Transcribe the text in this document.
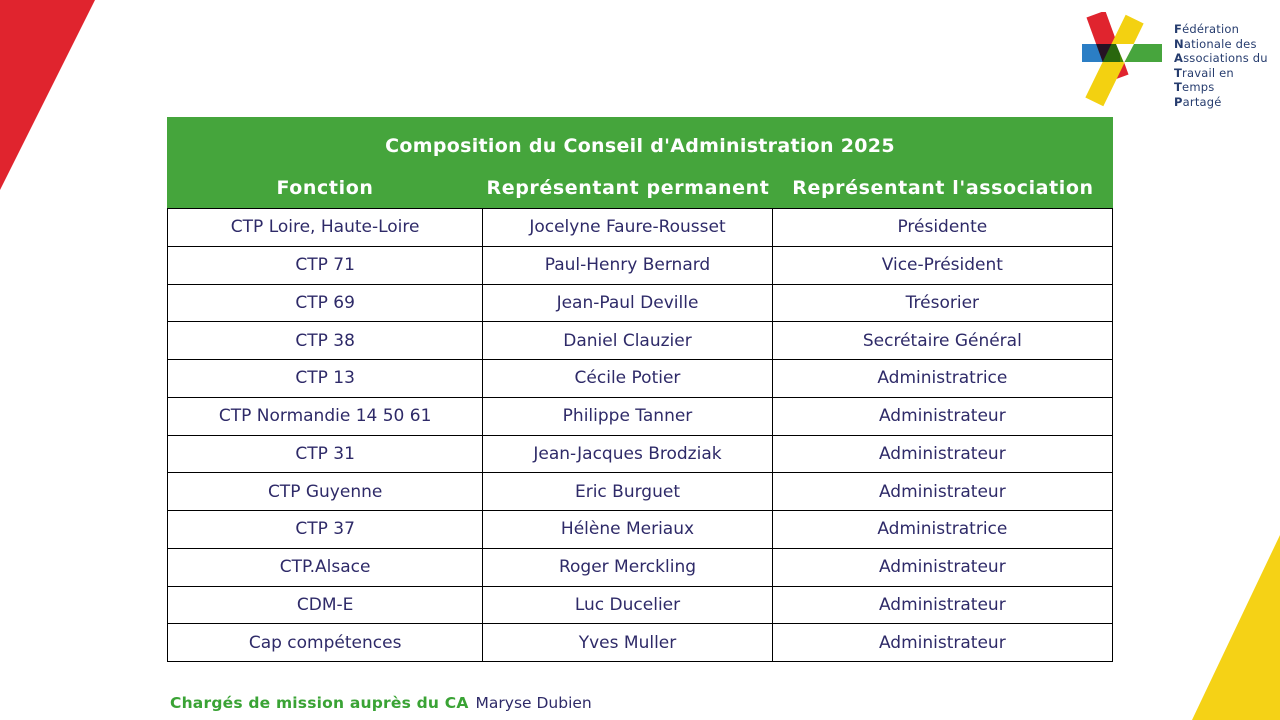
Fédération
Nationale des
Associations du
Travail en
Temps
Partagé
Composition du Conseil d'Administration 2025
Fonction	Représentant permanent	Représentant l'association
CTP Loire, Haute-Loire	Jocelyne Faure-Rousset	Présidente
CTP 71	Paul-Henry Bernard	Vice-Président
CTP 69	Jean-Paul Deville	Trésorier
CTP 38	Daniel Clauzier	Secrétaire Général
CTP 13	Cécile Potier	Administratrice
CTP Normandie 14 50 61	Philippe Tanner	Administrateur
CTP 31	Jean-Jacques Brodziak	Administrateur
CTP Guyenne	Eric Burguet	Administrateur
CTP 37	Hélène Meriaux	Administratrice
CTP.Alsace	Roger Merckling	Administrateur
CDM-E	Luc Ducelier	Administrateur
Cap compétences	Yves Muller	Administrateur
Chargés de mission auprès du CA Maryse Dubien
